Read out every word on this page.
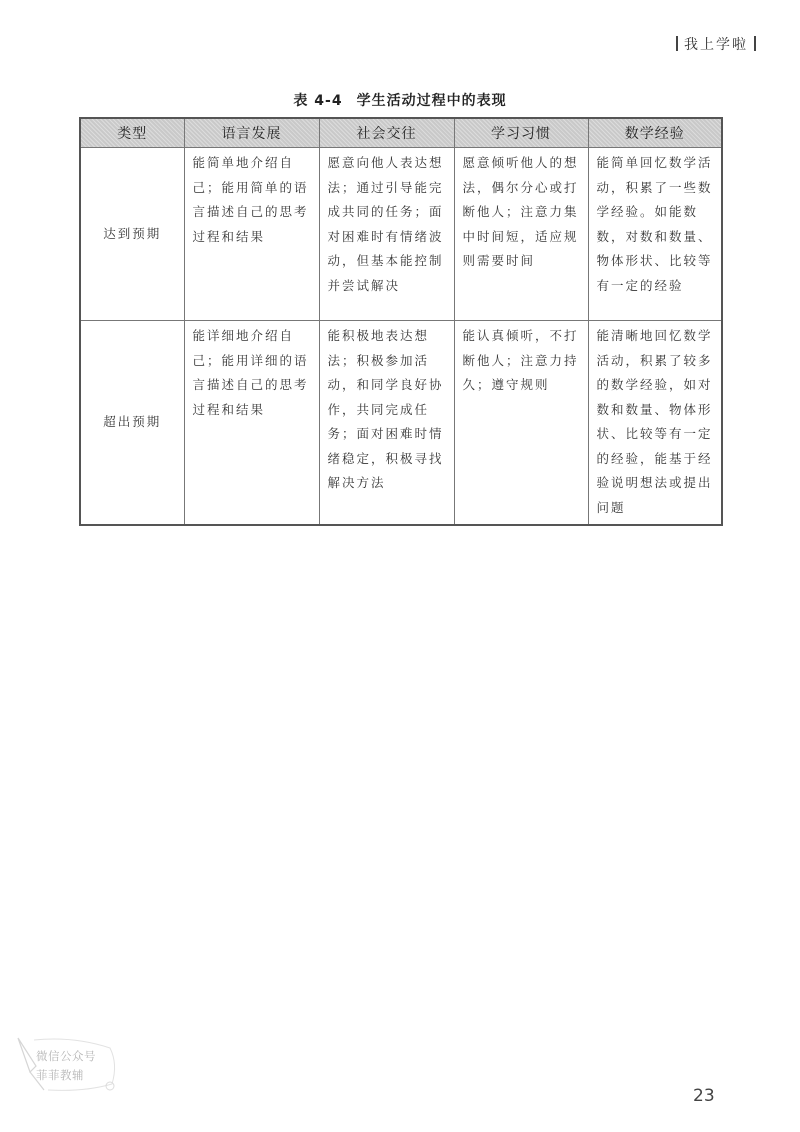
我上学啦
表 4-4 学生活动过程中的表现
类型	语言发展	社会交往	学习习惯	数学经验
达到预期	能简单地介绍自己；能用简单的语言描述自己的思考过程和结果	愿意向他人表达想法；通过引导能完成共同的任务；面对困难时有情绪波动，但基本能控制并尝试解决	愿意倾听他人的想法，偶尔分心或打断他人；注意力集中时间短，适应规则需要时间	能简单回忆数学活动，积累了一些数学经验。如能数数，对数和数量、物体形状、比较等有一定的经验
超出预期	能详细地介绍自己；能用详细的语言描述自己的思考过程和结果	能积极地表达想法；积极参加活动，和同学良好协作，共同完成任务；面对困难时情绪稳定，积极寻找解决方法	能认真倾听，不打断他人；注意力持久；遵守规则	能清晰地回忆数学活动，积累了较多的数学经验，如对数和数量、物体形状、比较等有一定的经验，能基于经验说明想法或提出问题
微信公众号
菲菲教辅
23
